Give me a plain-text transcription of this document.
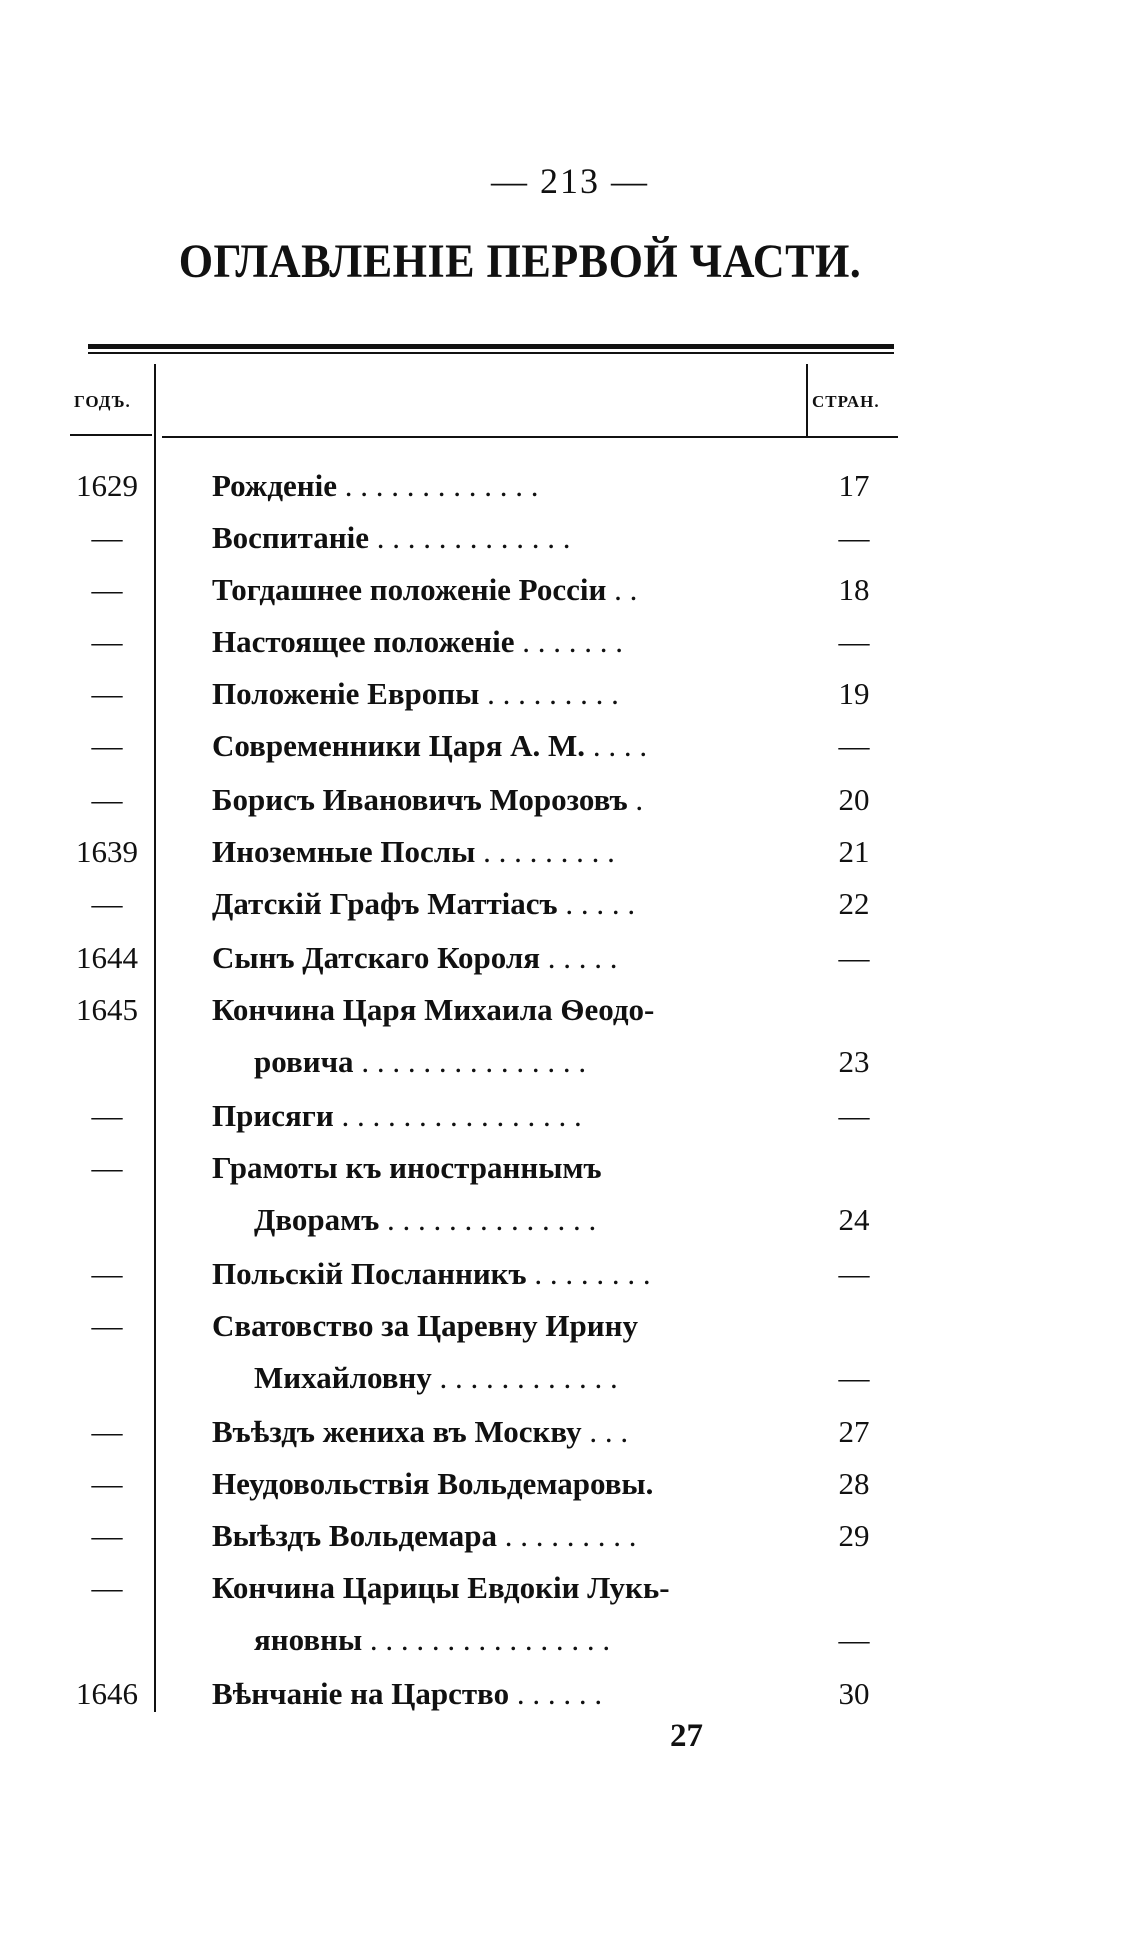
— 213 —
ОГЛАВЛЕНІЕ ПЕРВОЙ ЧАСТИ.
ГОДЪ.	СТРАН.
1629	Рожденіе . . . . . . . . . . . . .	17
—	Воспитаніе . . . . . . . . . . . . .	—
—	Тогдашнее положеніе Россіи . .	18
—	Настоящее положеніе . . . . . . .	—
—	Положеніе Европы . . . . . . . . .	19
—	Современники Царя А. М. . . . .	—
—	Борисъ Ивановичъ Морозовъ .	20
1639	Иноземные Послы . . . . . . . . .	21
—	Датскій Графъ Маттіасъ . . . . .	22
1644	Сынъ Датскаго Короля . . . . .	—
1645	Кончина Царя Михаила Ѳеодо-
ровича . . . . . . . . . . . . . . .	23
—	Присяги . . . . . . . . . . . . . . . .	—
—	Грамоты къ иностраннымъ
Дворамъ . . . . . . . . . . . . . .	24
—	Польскій Посланникъ . . . . . . . .	—
—	Сватовство за Царевну Ирину
Михайловну . . . . . . . . . . . .	—
—	Въѣздъ жениха въ Москву . . .	27
—	Неудовольствія Вольдемаровы.	28
—	Выѣздъ Вольдемара . . . . . . . . .	29
—	Кончина Царицы Евдокіи Лукь-
яновны . . . . . . . . . . . . . . . .	—
1646	Вѣнчаніе на Царство . . . . . .	30
27
